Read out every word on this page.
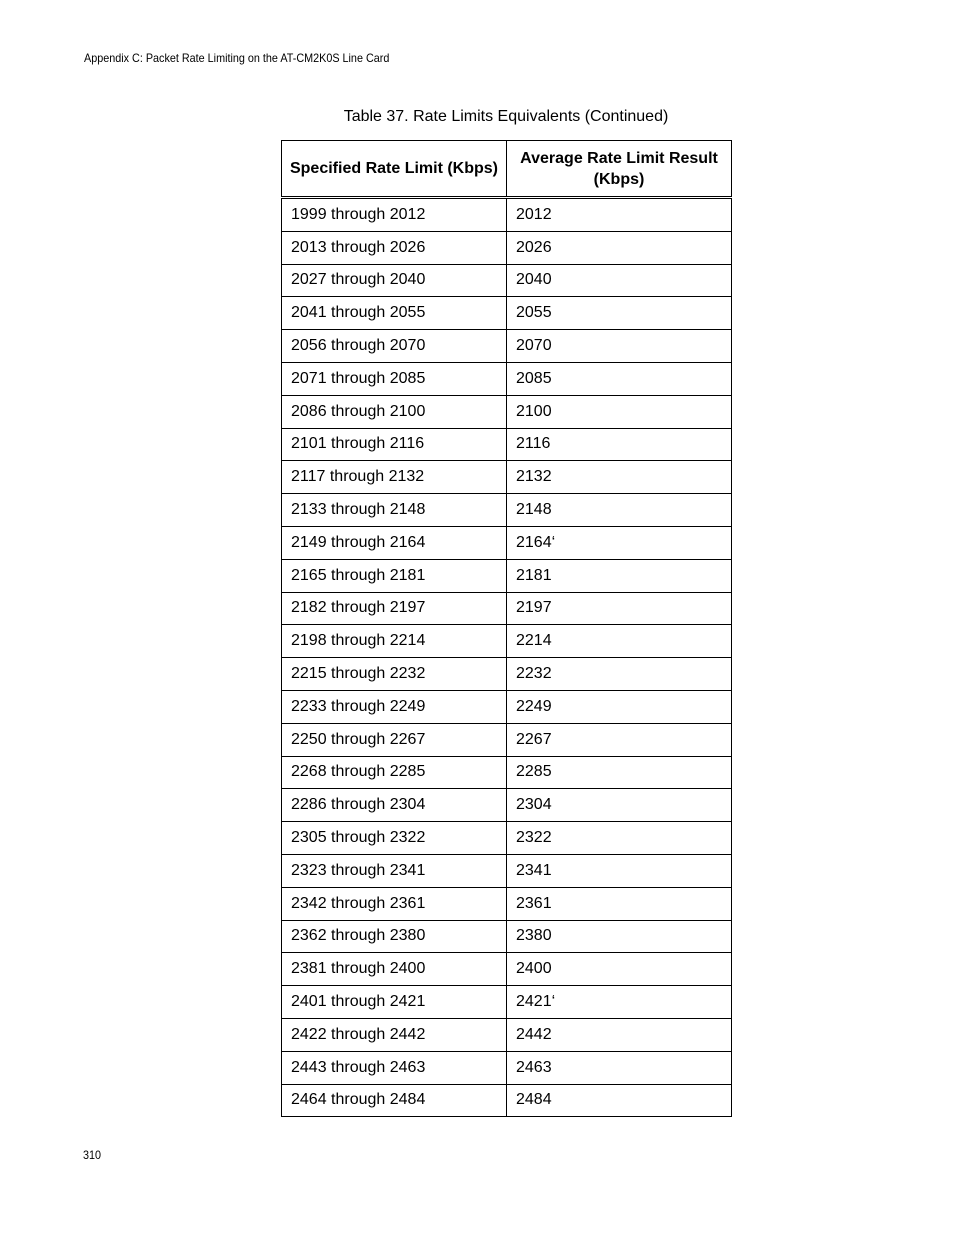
Appendix C: Packet Rate Limiting on the AT-CM2K0S Line Card
Table 37. Rate Limits Equivalents (Continued)
Specified Rate Limit (Kbps)	Average Rate Limit Result (Kbps)
1999 through 2012	2012
2013 through 2026	2026
2027 through 2040	2040
2041 through 2055	2055
2056 through 2070	2070
2071 through 2085	2085
2086 through 2100	2100
2101 through 2116	2116
2117 through 2132	2132
2133 through 2148	2148
2149 through 2164	2164‘
2165 through 2181	2181
2182 through 2197	2197
2198 through 2214	2214
2215 through 2232	2232
2233 through 2249	2249
2250 through 2267	2267
2268 through 2285	2285
2286 through 2304	2304
2305 through 2322	2322
2323 through 2341	2341
2342 through 2361	2361
2362 through 2380	2380
2381 through 2400	2400
2401 through 2421	2421‘
2422 through 2442	2442
2443 through 2463	2463
2464 through 2484	2484
310
